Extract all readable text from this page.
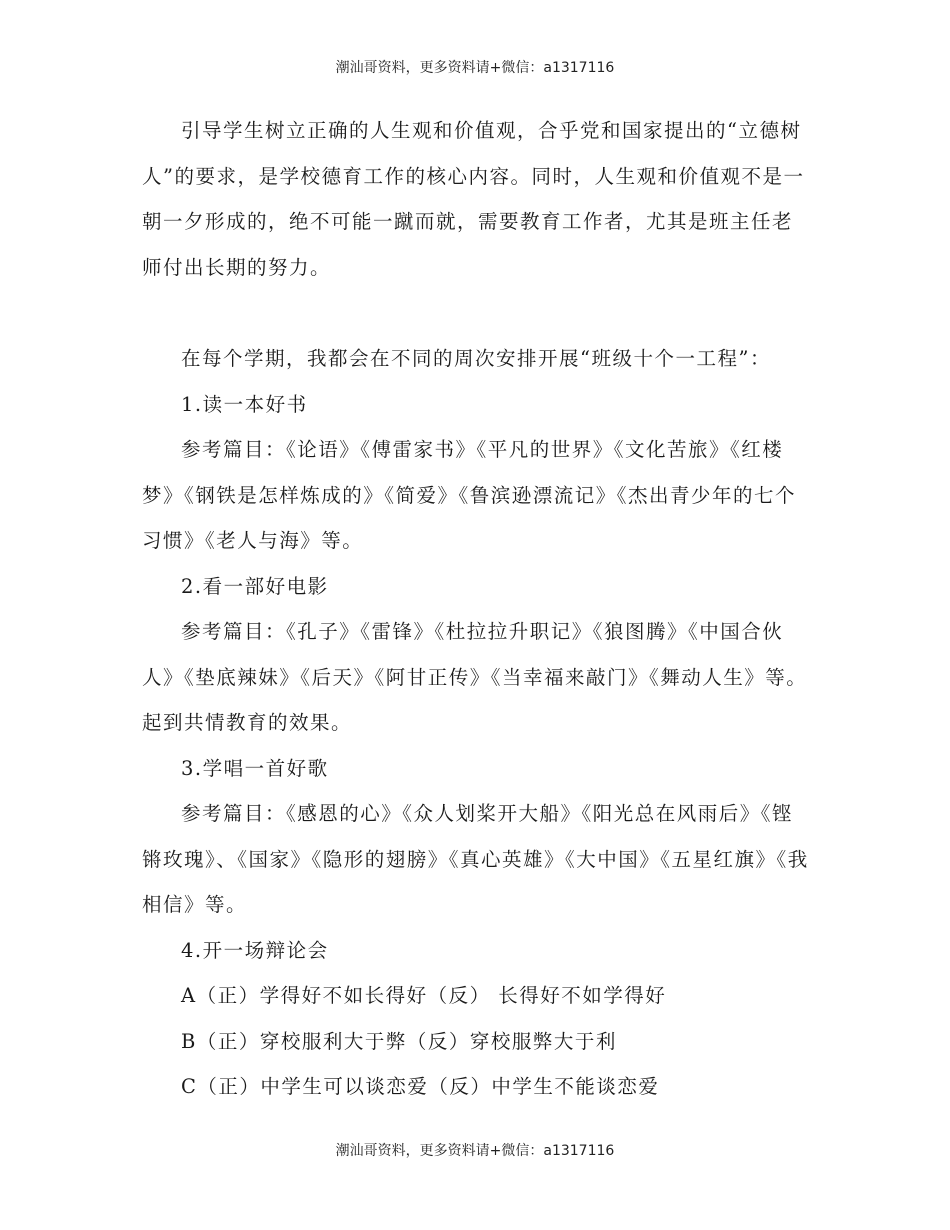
潮汕哥资料，更多资料请+微信：a1317116

引导学生树立正确的人生观和价值观，合乎党和国家提出的“立德树人”的要求，是学校德育工作的核心内容。同时，人生观和价值观不是一朝一夕形成的，绝不可能一蹴而就，需要教育工作者，尤其是班主任老师付出长期的努力。

在每个学期，我都会在不同的周次安排开展“班级十个一工程”：

1.读一本好书

参考篇目：《论语》《傅雷家书》《平凡的世界》《文化苦旅》《红楼梦》《钢铁是怎样炼成的》《简爱》《鲁滨逊漂流记》《杰出青少年的七个习惯》《老人与海》等。

2.看一部好电影

参考篇目：《孔子》《雷锋》《杜拉拉升职记》《狼图腾》《中国合伙人》《垫底辣妹》《后天》《阿甘正传》《当幸福来敲门》《舞动人生》等。起到共情教育的效果。

3.学唱一首好歌

参考篇目：《感恩的心》《众人划桨开大船》《阳光总在风雨后》《铿锵玫瑰》、《国家》《隐形的翅膀》《真心英雄》《大中国》《五星红旗》《我相信》等。

4.开一场辩论会

A（正）学得好不如长得好（反） 长得好不如学得好

B（正）穿校服利大于弊（反）穿校服弊大于利

C（正）中学生可以谈恋爱（反）中学生不能谈恋爱

潮汕哥资料，更多资料请+微信：a1317116
